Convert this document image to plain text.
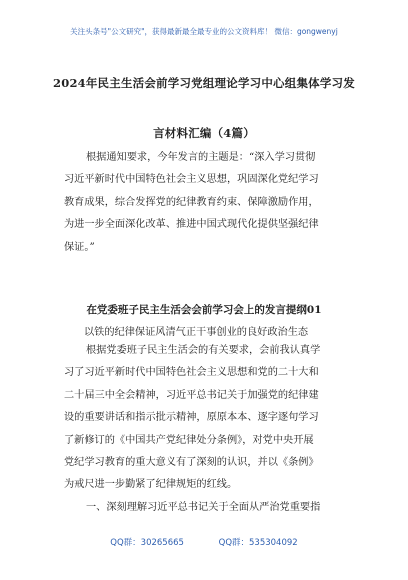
关注头条号"公文研究"，获得最新最全最专业的公文资料库！ 微信：gongwenyj
2024年民主生活会前学习党组理论学习中心组集体学习发
言材料汇编（4篇）
根据通知要求，今年发言的主题是：“深入学习贯彻
习近平新时代中国特色社会主义思想，巩固深化党纪学习
教育成果，综合发挥党的纪律教育约束、保障激励作用，
为进一步全面深化改革、推进中国式现代化提供坚强纪律
保证。”
在党委班子民主生活会会前学习会上的发言提纲01
以铁的纪律保证风清气正干事创业的良好政治生态
根据党委班子民主生活会的有关要求，会前我认真学
习了习近平新时代中国特色社会主义思想和党的二十大和
二十届三中全会精神，习近平总书记关于加强党的纪律建
设的重要讲话和指示批示精神，原原本本、逐字逐句学习
了新修订的《中国共产党纪律处分条例》，对党中央开展
党纪学习教育的重大意义有了深刻的认识，并以《条例》
为戒尺进一步勤紧了纪律规矩的红线。
一、深刻理解习近平总书记关于全面从严治党重要指
QQ群：30265665	QQ群：535304092
